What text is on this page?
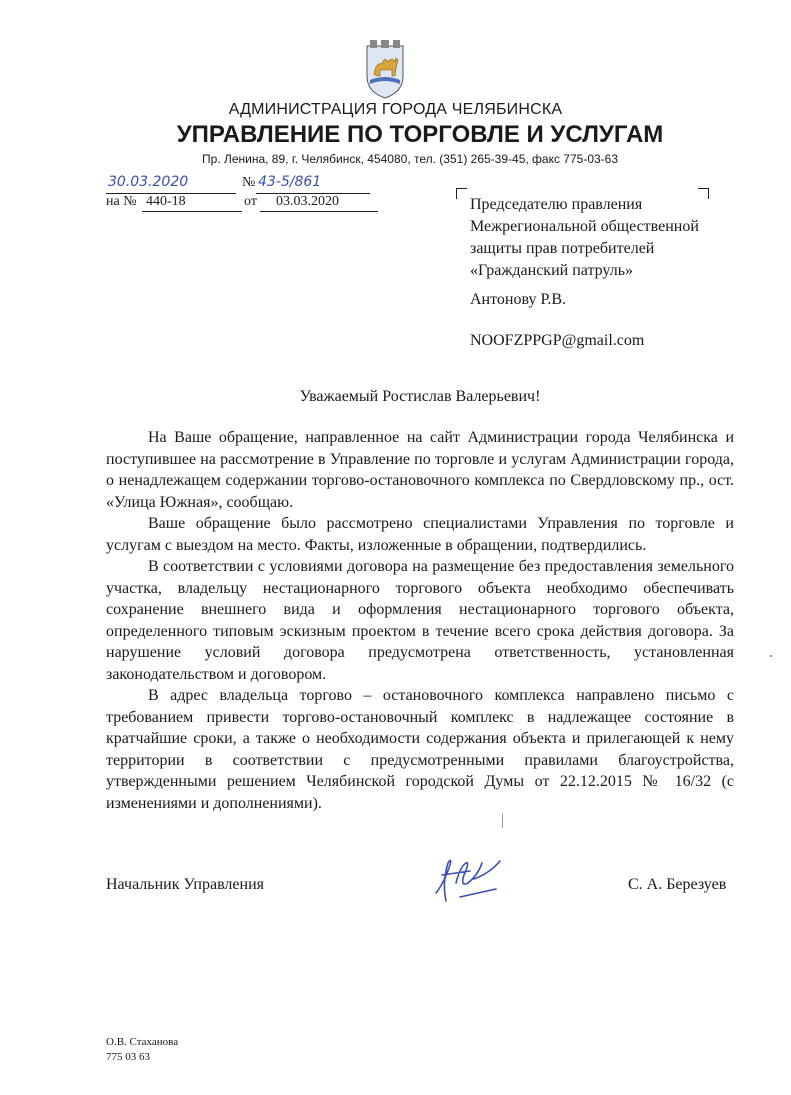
АДМИНИСТРАЦИЯ ГОРОДА ЧЕЛЯБИНСКА
УПРАВЛЕНИЕ ПО ТОРГОВЛЕ И УСЛУГАМ
Пр. Ленина, 89, г. Челябинск, 454080, тел. (351) 265-39-45, факс 775-03-63
30.03.2020	№ 43-5/861
на № 440-18	от 03.03.2020	Председателю правления
Межрегиональной общественной
защиты прав потребителей
«Гражданский патруль»
Антонову Р.В.
NOOFZPPGP@gmail.com
Уважаемый Ростислав Валерьевич!

На Ваше обращение, направленное на сайт Администрации города Челябинска и поступившее на рассмотрение в Управление по торговле и услугам Администрации города, о ненадлежащем содержании торгово-остановочного комплекса по Свердловскому пр., ост. «Улица Южная», сообщаю.

Ваше обращение было рассмотрено специалистами Управления по торговле и услугам с выездом на место. Факты, изложенные в обращении, подтвердились.

В соответствии с условиями договора на размещение без предоставления земельного участка, владельцу нестационарного торгового объекта необходимо обеспечивать сохранение внешнего вида и оформления нестационарного торгового объекта, определенного типовым эскизным проектом в течение всего срока действия договора. За нарушение условий договора предусмотрена ответственность, установленная законодательством и договором.

В адрес владельца торгово – остановочного комплекса направлено письмо с требованием привести торгово-остановочный комплекс в надлежащее состояние в кратчайшие сроки, а также о необходимости содержания объекта и прилегающей к нему территории в соответствии с предусмотренными правилами благоустройства, утвержденными решением Челябинской городской Думы от 22.12.2015 № 16/32 (с изменениями и дополнениями).

Начальник Управления	С. А. Березуев
О.В. Стаханова
775 03 63
